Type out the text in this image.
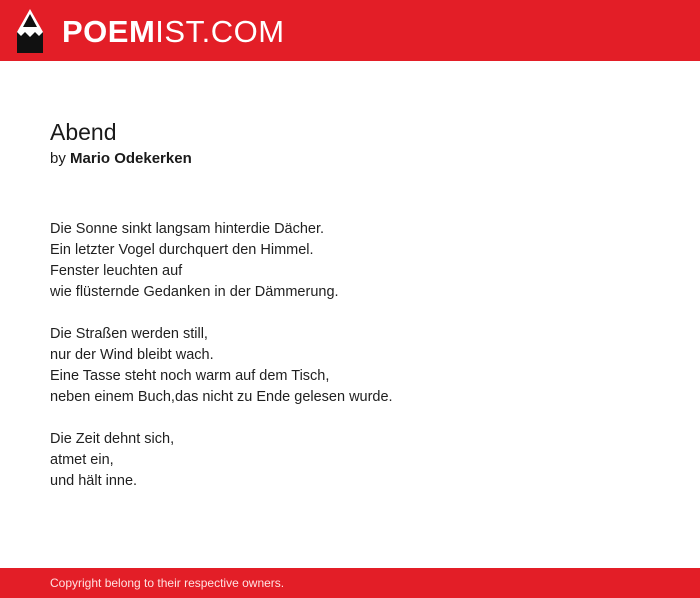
POEMIST.COM
Abend
by Mario Odekerken
Die Sonne sinkt langsam hinterdie Dächer.
Ein letzter Vogel durchquert den Himmel.
Fenster leuchten auf
wie flüsternde Gedanken in der Dämmerung.
Die Straßen werden still,
nur der Wind bleibt wach.
Eine Tasse steht noch warm auf dem Tisch,
neben einem Buch,das nicht zu Ende gelesen wurde.
Die Zeit dehnt sich,
atmet ein,
und hält inne.
Copyright belong to their respective owners.
